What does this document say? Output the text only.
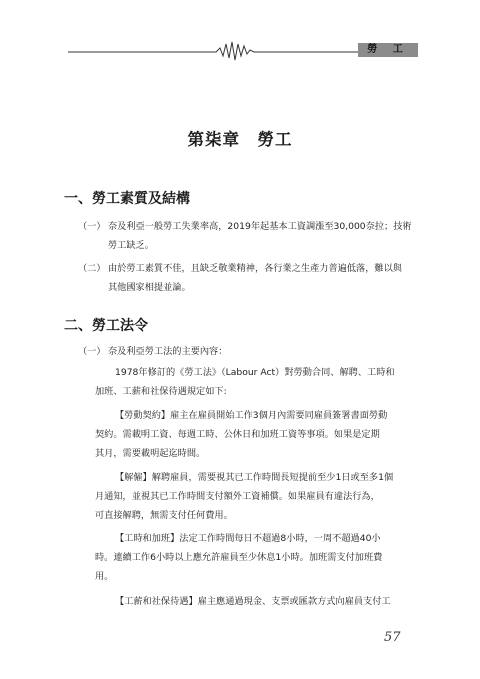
勞 工
第柒章　勞工
一、勞工素質及結構
（一） 奈及利亞一般勞工失業率高，2019年起基本工資調漲至30,000奈拉；技術
勞工缺乏。
（二） 由於勞工素質不佳，且缺乏敬業精神，各行業之生產力普遍低落，難以與
其他國家相提並論。
二、勞工法令
（一） 奈及利亞勞工法的主要內容：
1978年修訂的《勞工法》（Labour Act）對勞動合同、解聘、工時和
加班、工薪和社保待遇規定如下:
【勞動契約】雇主在雇員開始工作3個月內需要同雇員簽署書面勞動
契約。需載明工資、每週工時、公休日和加班工資等事項。如果是定期
其月，需要載明起迄時間。
【解僱】解聘雇員，需要視其已工作時間長短提前至少1日或至多1個
月通知，並視其已工作時間支付額外工資補償。如果雇員有違法行為，
可直接解聘，無需支付任何費用。
【工時和加班】法定工作時間每日不超過8小時，一周不超過40小
時。連續工作6小時以上應允許雇員至少休息1小時。加班需支付加班費
用。
【工薪和社保待遇】雇主應通過現金、支票或匯款方式向雇員支付工
57
